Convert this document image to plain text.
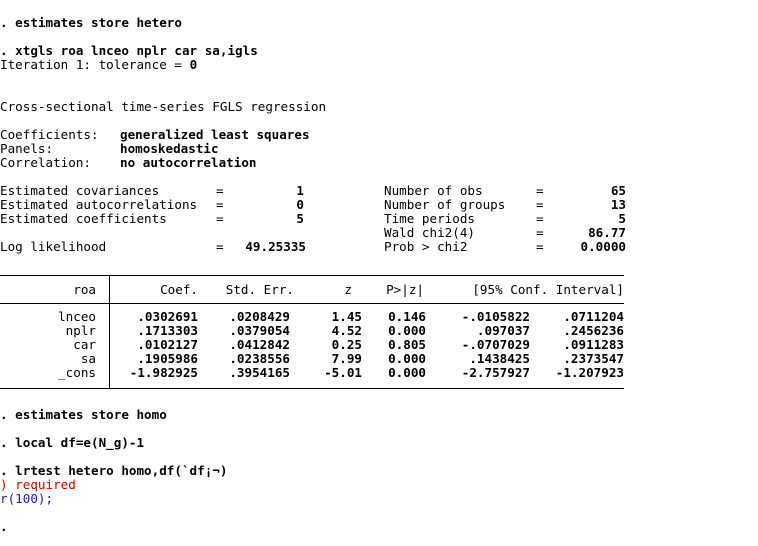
. estimates store hetero
. xtgls roa lnceo nplr car sa,igls
Iteration 1: tolerance = 0
Cross-sectional time-series FGLS regression
Coefficients: generalized least squares
Panels:	homoskedastic
Correlation: no autocorrelation
Estimated covariances	=	1
Estimated autocorrelations =	0
Estimated coefficients	=	5
Log likelihood	=	49.25335
Number of obs	=	65
Number of groups =	13
Time periods	=	5
Wald chi2(4)	=	86.77
Prob > chi2	=	0.0000
roa	Coef.	Std. Err.	z	P>|z|	[95% Conf. Interval]
lnceo	.0302691	.0208429	1.45	0.146	-.0105822	.0711204
nplr	.1713303	.0379054	4.52	0.000	.097037	.2456236
car	.0102127	.0412842	0.25	0.805	-.0707029	.0911283
sa	.1905986	.0238556	7.99	0.000	.1438425	.2373547
_cons	-1.982925	.3954165	-5.01	0.000	-2.757927	-1.207923
. estimates store homo
. local df=e(N_g)-1
. lrtest hetero homo,df(`df¡¬)
) required
r(100);
.
